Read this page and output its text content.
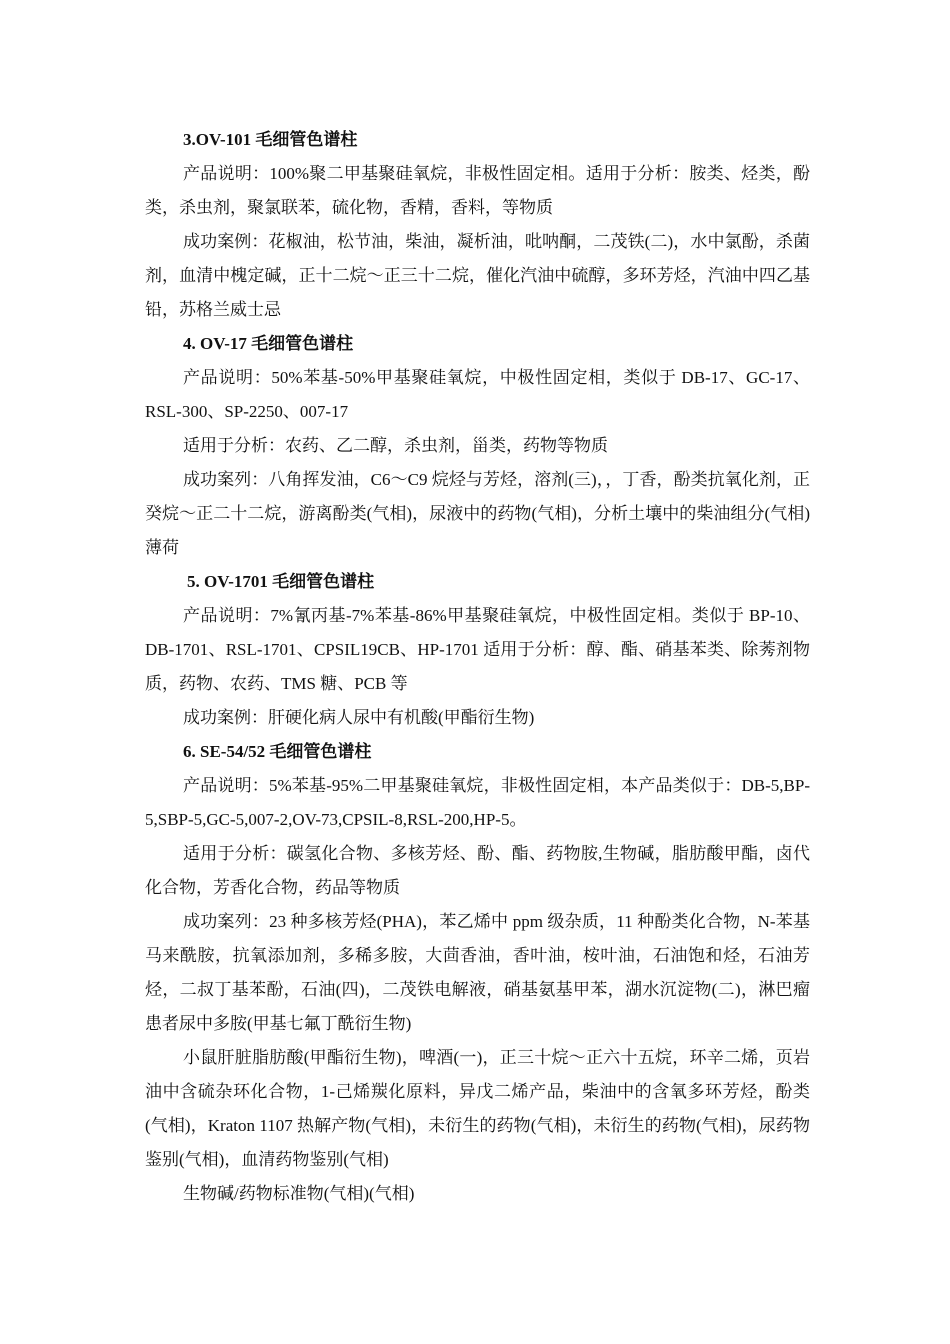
3.OV-101 毛细管色谱柱

产品说明：100%聚二甲基聚硅氧烷，非极性固定相。适用于分析：胺类、烃类，酚类，杀虫剂，聚氯联苯，硫化物，香精，香料，等物质

成功案例：花椒油，松节油，柴油，凝析油，吡呐酮，二茂铁(二)，水中氯酚，杀菌剂，血清中槐定碱，正十二烷～正三十二烷，催化汽油中硫醇，多环芳烃，汽油中四乙基铅，苏格兰威士忌

4. OV-17 毛细管色谱柱

产品说明：50%苯基-50%甲基聚硅氧烷，中极性固定相，类似于 DB-17、GC-17、RSL-300、SP-2250、007-17

适用于分析：农药、乙二醇，杀虫剂，甾类，药物等物质

成功案列：八角挥发油，C6～C9 烷烃与芳烃，溶剂(三)，，丁香，酚类抗氧化剂，正癸烷～正二十二烷，游离酚类(气相)，尿液中的药物(气相)，分析土壤中的柴油组分(气相)薄荷

5. OV-1701 毛细管色谱柱

产品说明：7%氰丙基-7%苯基-86%甲基聚硅氧烷，中极性固定相。类似于 BP-10、DB-1701、RSL-1701、CPSIL19CB、HP-1701 适用于分析：醇、酯、硝基苯类、除莠剂物质，药物、农药、TMS 糖、PCB 等

成功案例：肝硬化病人尿中有机酸(甲酯衍生物)

6. SE-54/52 毛细管色谱柱

产品说明：5%苯基-95%二甲基聚硅氧烷，非极性固定相，本产品类似于：DB-5,BP-5,SBP-5,GC-5,007-2,OV-73,CPSIL-8,RSL-200,HP-5。

适用于分析：碳氢化合物、多核芳烃、酚、酯、药物胺,生物碱，脂肪酸甲酯，卤代化合物，芳香化合物，药品等物质

成功案列：23 种多核芳烃(PHA)，苯乙烯中 ppm 级杂质，11 种酚类化合物，N-苯基马来酰胺，抗氧添加剂，多稀多胺，大茴香油，香叶油，桉叶油，石油饱和烃，石油芳烃，二叔丁基苯酚，石油(四)，二茂铁电解液，硝基氨基甲苯，湖水沉淀物(二)，淋巴瘤患者尿中多胺(甲基七氟丁酰衍生物)

小鼠肝脏脂肪酸(甲酯衍生物)，啤酒(一)，正三十烷～正六十五烷，环辛二烯，页岩油中含硫杂环化合物，1-己烯羰化原料，异戊二烯产品，柴油中的含氧多环芳烃，酚类(气相)，Kraton 1107 热解产物(气相)，未衍生的药物(气相)，未衍生的药物(气相)，尿药物鉴别(气相)，血清药物鉴别(气相)

生物碱/药物标准物(气相)(气相)
